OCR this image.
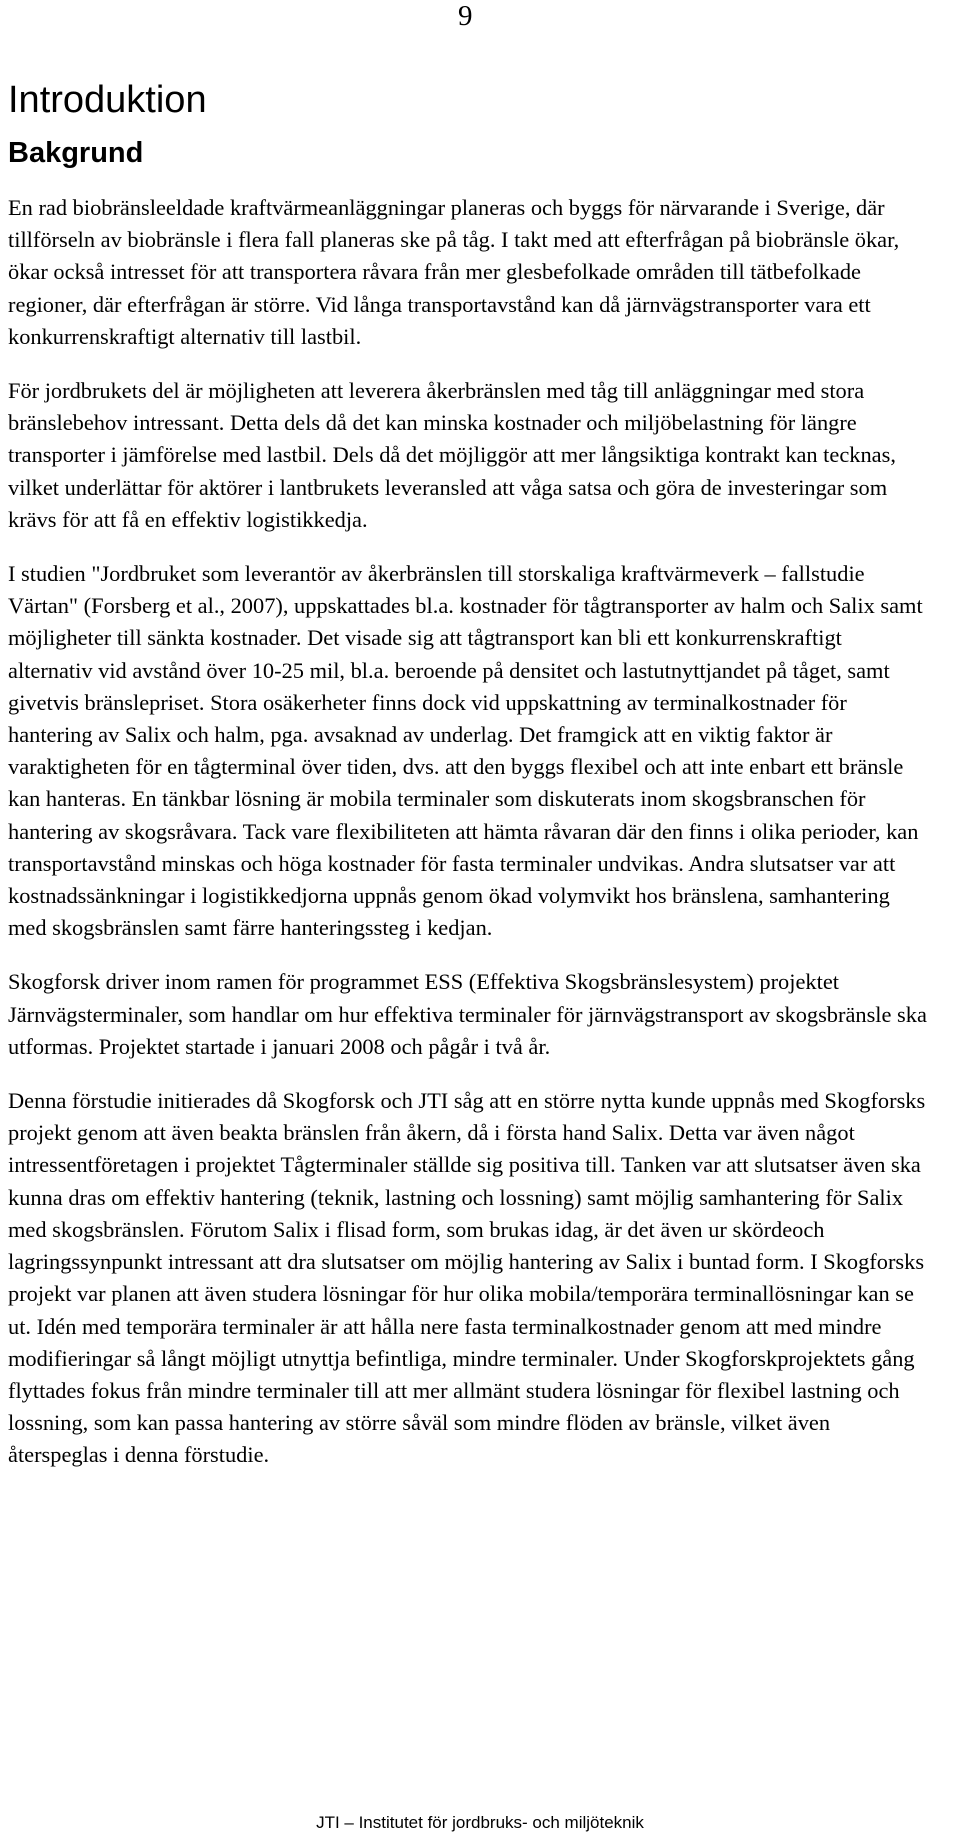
9
Introduktion
Bakgrund

En rad biobränsleeldade kraftvärmeanläggningar planeras och byggs för närvarande i Sverige, där tillförseln av biobränsle i flera fall planeras ske på tåg. I takt med att efterfrågan på biobränsle ökar, ökar också intresset för att transportera råvara från mer glesbefolkade områden till tätbefolkade regioner, där efterfrågan är större. Vid långa transportavstånd kan då järnvägstransporter vara ett konkurrenskraftigt alternativ till lastbil.

För jordbrukets del är möjligheten att leverera åkerbränslen med tåg till anläggningar med stora bränslebehov intressant. Detta dels då det kan minska kostnader och miljöbelastning för längre transporter i jämförelse med lastbil. Dels då det möjliggör att mer långsiktiga kontrakt kan tecknas, vilket underlättar för aktörer i lantbrukets leveransled att våga satsa och göra de investeringar som krävs för att få en effektiv logistikkedja.

I studien "Jordbruket som leverantör av åkerbränslen till storskaliga kraftvärmeverk – fallstudie Värtan" (Forsberg et al., 2007), uppskattades bl.a. kostnader för tågtransporter av halm och Salix samt möjligheter till sänkta kostnader. Det visade sig att tågtransport kan bli ett konkurrenskraftigt alternativ vid avstånd över 10-25 mil, bl.a. beroende på densitet och lastutnyttjandet på tåget, samt givetvis bränslepriset. Stora osäkerheter finns dock vid uppskattning av terminalkostnader för hantering av Salix och halm, pga. avsaknad av underlag. Det framgick att en viktig faktor är varaktigheten för en tågterminal över tiden, dvs. att den byggs flexibel och att inte enbart ett bränsle kan hanteras. En tänkbar lösning är mobila terminaler som diskuterats inom skogsbranschen för hantering av skogsråvara. Tack vare flexibiliteten att hämta råvaran där den finns i olika perioder, kan transportavstånd minskas och höga kostnader för fasta terminaler undvikas. Andra slutsatser var att kostnadssänkningar i logistikkedjorna uppnås genom ökad volymvikt hos bränslena, samhantering med skogsbränslen samt färre hanteringssteg i kedjan.

Skogforsk driver inom ramen för programmet ESS (Effektiva Skogsbränslesystem) projektet Järnvägsterminaler, som handlar om hur effektiva terminaler för järnvägstransport av skogsbränsle ska utformas. Projektet startade i januari 2008 och pågår i två år.

Denna förstudie initierades då Skogforsk och JTI såg att en större nytta kunde uppnås med Skogforsks projekt genom att även beakta bränslen från åkern, då i första hand Salix. Detta var även något intressentföretagen i projektet Tågterminaler ställde sig positiva till. Tanken var att slutsatser även ska kunna dras om effektiv hantering (teknik, lastning och lossning) samt möjlig samhantering för Salix med skogsbränslen. Förutom Salix i flisad form, som brukas idag, är det även ur skördeoch lagringssynpunkt intressant att dra slutsatser om möjlig hantering av Salix i buntad form. I Skogforsks projekt var planen att även studera lösningar för hur olika mobila/temporära terminallösningar kan se ut. Idén med temporära terminaler är att hålla nere fasta terminalkostnader genom att med mindre modifieringar så långt möjligt utnyttja befintliga, mindre terminaler. Under Skogforskprojektets gång flyttades fokus från mindre terminaler till att mer allmänt studera lösningar för flexibel lastning och lossning, som kan passa hantering av större såväl som mindre flöden av bränsle, vilket även återspeglas i denna förstudie.

JTI – Institutet för jordbruks- och miljöteknik
